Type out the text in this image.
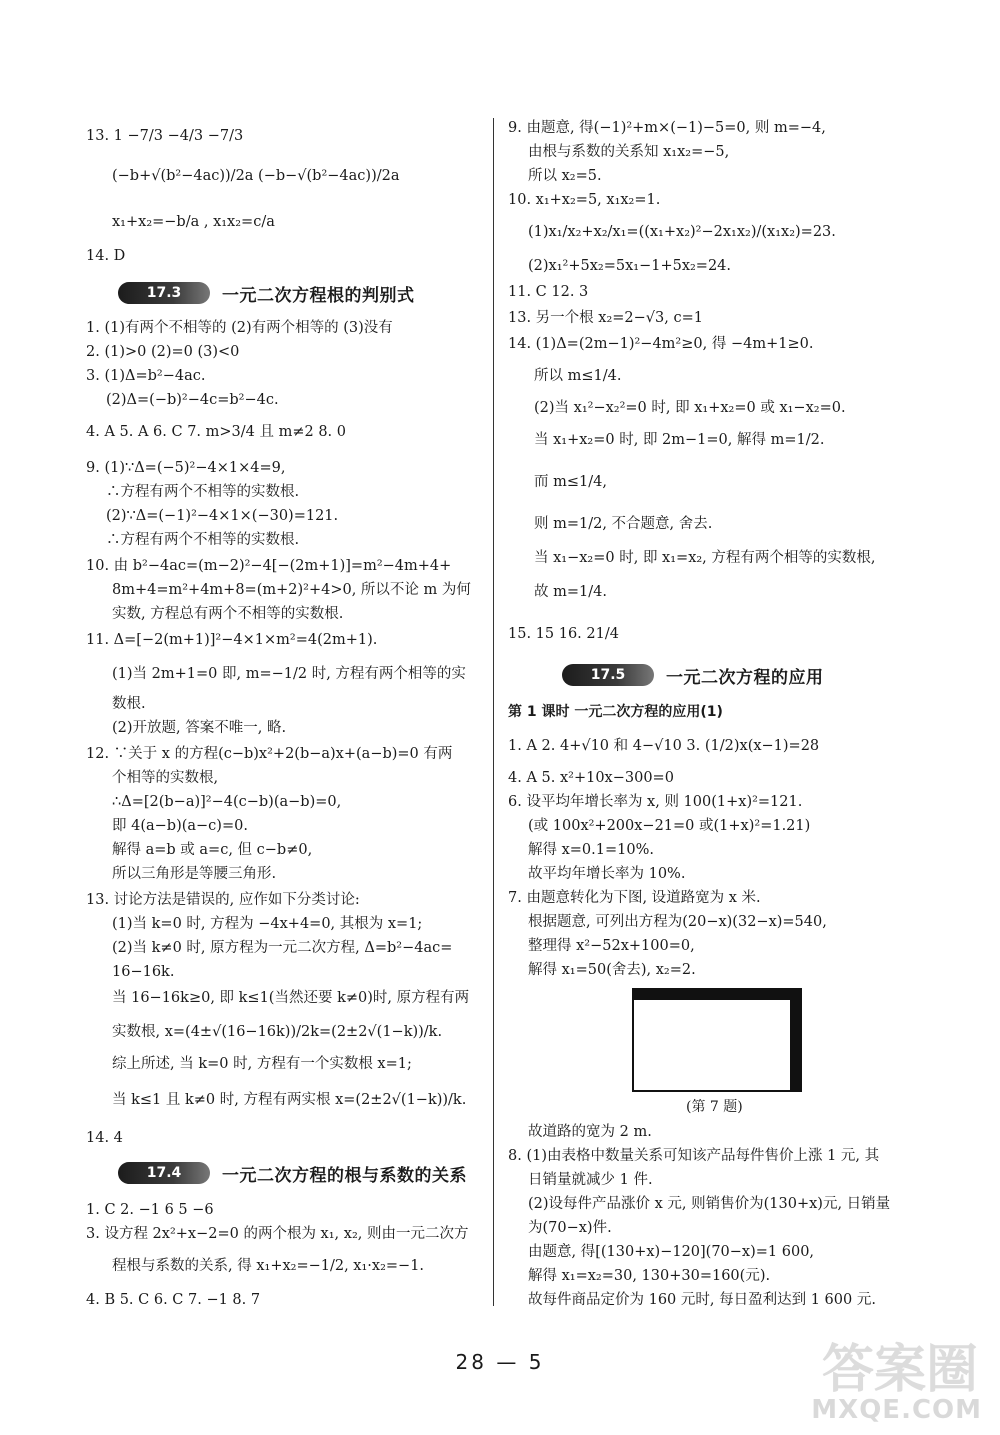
13. 1 −7/3 −4/3 −7/3
(−b+√(b²−4ac))/2a (−b−√(b²−4ac))/2a
x₁+x₂=−b/a , x₁x₂=c/a
14. D
17.3	一元二次方程根的判别式
1. (1)有两个不相等的 (2)有两个相等的 (3)没有
2. (1)>0 (2)=0 (3)<0
3. (1)Δ=b²−4ac.
(2)Δ=(−b)²−4c=b²−4c.
4. A 5. A 6. C 7. m>3/4 且 m≠2 8. 0
9. (1)∵Δ=(−5)²−4×1×4=9,
∴方程有两个不相等的实数根.
(2)∵Δ=(−1)²−4×1×(−30)=121.
∴方程有两个不相等的实数根.
10. 由 b²−4ac=(m−2)²−4[−(2m+1)]=m²−4m+4+
8m+4=m²+4m+8=(m+2)²+4>0, 所以不论 m 为何
实数, 方程总有两个不相等的实数根.
11. Δ=[−2(m+1)]²−4×1×m²=4(2m+1).
(1)当 2m+1=0 即, m=−1/2 时, 方程有两个相等的实
数根.
(2)开放题, 答案不唯一, 略.
12. ∵关于 x 的方程(c−b)x²+2(b−a)x+(a−b)=0 有两
个相等的实数根,
∴Δ=[2(b−a)]²−4(c−b)(a−b)=0,
即 4(a−b)(a−c)=0.
解得 a=b 或 a=c, 但 c−b≠0,
所以三角形是等腰三角形.
13. 讨论方法是错误的, 应作如下分类讨论:
(1)当 k=0 时, 方程为 −4x+4=0, 其根为 x=1;
(2)当 k≠0 时, 原方程为一元二次方程, Δ=b²−4ac=
16−16k.
当 16−16k≥0, 即 k≤1(当然还要 k≠0)时, 原方程有两
实数根, x=(4±√(16−16k))/2k=(2±2√(1−k))/k.
综上所述, 当 k=0 时, 方程有一个实数根 x=1;
当 k≤1 且 k≠0 时, 方程有两实根 x=(2±2√(1−k))/k.
14. 4
17.4	一元二次方程的根与系数的关系
1. C 2. −1 6 5 −6
3. 设方程 2x²+x−2=0 的两个根为 x₁, x₂, 则由一元二次方
程根与系数的关系, 得 x₁+x₂=−1/2, x₁·x₂=−1.
4. B 5. C 6. C 7. −1 8. 7
9. 由题意, 得(−1)²+m×(−1)−5=0, 则 m=−4,
由根与系数的关系知 x₁x₂=−5,
所以 x₂=5.
10. x₁+x₂=5, x₁x₂=1.
(1)x₁/x₂+x₂/x₁=((x₁+x₂)²−2x₁x₂)/(x₁x₂)=23.
(2)x₁²+5x₂=5x₁−1+5x₂=24.
11. C 12. 3
13. 另一个根 x₂=2−√3, c=1
14. (1)Δ=(2m−1)²−4m²≥0, 得 −4m+1≥0.
所以 m≤1/4.
(2)当 x₁²−x₂²=0 时, 即 x₁+x₂=0 或 x₁−x₂=0.
当 x₁+x₂=0 时, 即 2m−1=0, 解得 m=1/2.
而 m≤1/4,
则 m=1/2, 不合题意, 舍去.
当 x₁−x₂=0 时, 即 x₁=x₂, 方程有两个相等的实数根,
故 m=1/4.
15. 15 16. 21/4
17.5	一元二次方程的应用
第 1 课时 一元二次方程的应用(1)
1. A 2. 4+√10 和 4−√10 3. (1/2)x(x−1)=28
4. A 5. x²+10x−300=0
6. 设平均年增长率为 x, 则 100(1+x)²=121.
(或 100x²+200x−21=0 或(1+x)²=1.21)
解得 x=0.1=10%.
故平均年增长率为 10%.
7. 由题意转化为下图, 设道路宽为 x 米.
根据题意, 可列出方程为(20−x)(32−x)=540,
整理得 x²−52x+100=0,
解得 x₁=50(舍去), x₂=2.
(第 7 题)
故道路的宽为 2 m.
8. (1)由表格中数量关系可知该产品每件售价上涨 1 元, 其
日销量就减少 1 件.
(2)设每件产品涨价 x 元, 则销售价为(130+x)元, 日销量
为(70−x)件.
由题意, 得[(130+x)−120](70−x)=1 600,
解得 x₁=x₂=30, 130+30=160(元).
故每件商品定价为 160 元时, 每日盈利达到 1 600 元.
28 — 5	答案圈
MXQE.COM
